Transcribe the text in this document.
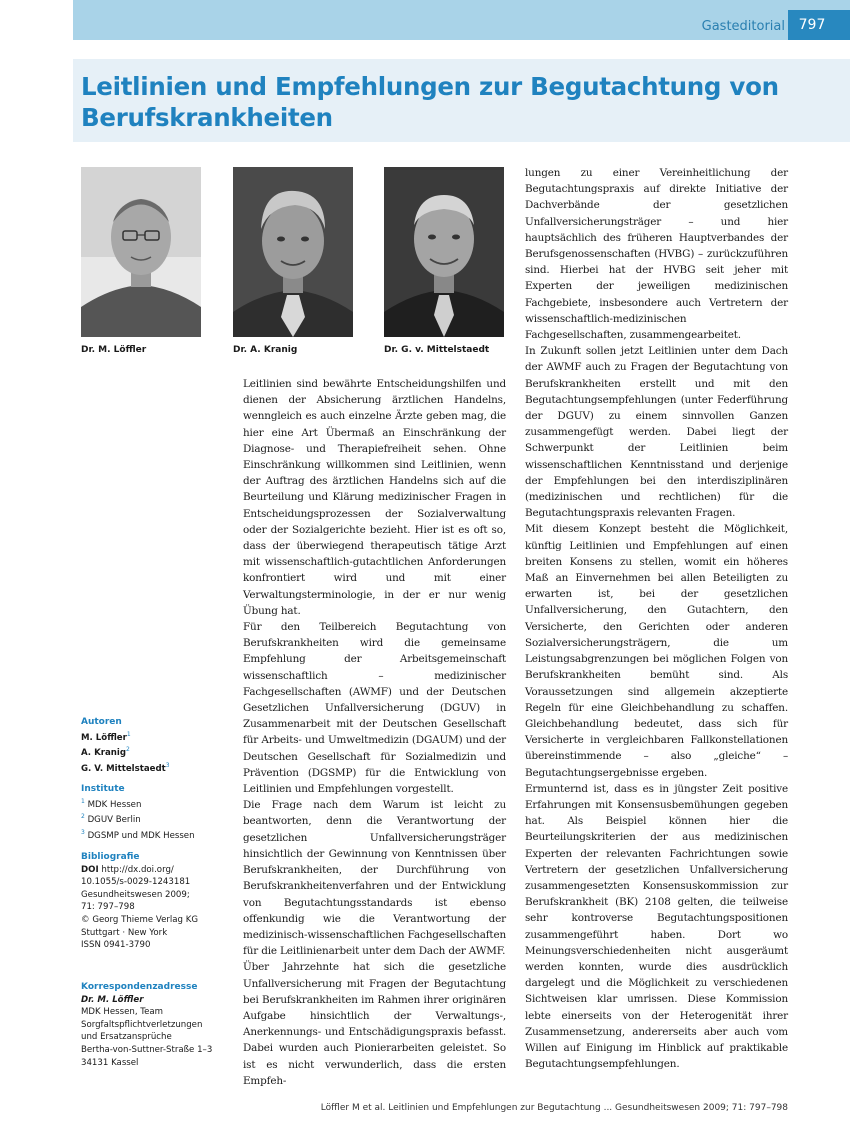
Gasteditorial 797
Leitlinien und Empfehlungen zur Begutachtung von Berufskrankheiten
Dr. M. Löffler	Dr. A. Kranig	Dr. G. v. Mittelstaedt
Autoren
M. Löffler$^1$
A. Kranig$^2$
G. V. Mittelstaedt$^3$
Institute
$^1$ MDK Hessen
$^2$ DGUV Berlin
$^3$ DGSMP und MDK Hessen
Bibliografie
DOI http://dx.doi.org/
10.1055/s-0029-1243181
Gesundheitswesen 2009;
71: 797–798
© Georg Thieme Verlag KG
Stuttgart · New York
ISSN 0941-3790
Korrespondenzadresse
Dr. M. Löffler
MDK Hessen, Team
Sorgfaltspflichtverletzungen
und Ersatzansprüche
Bertha-von-Suttner-Straße 1–3
34131 Kassel

Leitlinien sind bewährte Entscheidungshilfen und dienen der Absicherung ärztlichen Handelns, wenngleich es auch einzelne Ärzte geben mag, die hier eine Art Übermaß an Einschränkung der Diagnose- und Therapiefreiheit sehen. Ohne Einschränkung willkommen sind Leitlinien, wenn der Auftrag des ärztlichen Handelns sich auf die Beurteilung und Klärung medizinischer Fragen in Entscheidungsprozessen der Sozialverwaltung oder der Sozialgerichte bezieht. Hier ist es oft so, dass der überwiegend therapeutisch tätige Arzt mit wissenschaftlich-gutachtlichen Anforderungen konfrontiert wird und mit einer Verwaltungsterminologie, in der er nur wenig Übung hat.

Für den Teilbereich Begutachtung von Berufskrankheiten wird die gemeinsame Empfehlung der Arbeitsgemeinschaft wissenschaftlich – medizinischer Fachgesellschaften (AWMF) und der Deutschen Gesetzlichen Unfallversicherung (DGUV) in Zusammenarbeit mit der Deutschen Gesellschaft für Arbeits- und Umweltmedizin (DGAUM) und der Deutschen Gesellschaft für Sozialmedizin und Prävention (DGSMP) für die Entwicklung von Leitlinien und Empfehlungen vorgestellt.

Die Frage nach dem Warum ist leicht zu beantworten, denn die Verantwortung der gesetzlichen Unfallversicherungsträger hinsichtlich der Gewinnung von Kenntnissen über Berufskrankheiten, der Durchführung von Berufskrankheitenverfahren und der Entwicklung von Begutachtungsstandards ist ebenso offenkundig wie die Verantwortung der medizinisch-wissenschaftlichen Fachgesellschaften für die Leitlinienarbeit unter dem Dach der AWMF.

Über Jahrzehnte hat sich die gesetzliche Unfallversicherung mit Fragen der Begutachtung bei Berufskrankheiten im Rahmen ihrer originären Aufgabe hinsichtlich der Verwaltungs-, Anerkennungs- und Entschädigungspraxis befasst. Dabei wurden auch Pionierarbeiten geleistet. So ist es nicht verwunderlich, dass die ersten Empfeh-

lungen zu einer Vereinheitlichung der Begutachtungspraxis auf direkte Initiative der Dachverbände der gesetzlichen Unfallversicherungsträger – und hier hauptsächlich des früheren Hauptverbandes der Berufsgenossenschaften (HVBG) – zurückzuführen sind. Hierbei hat der HVBG seit jeher mit Experten der jeweiligen medizinischen Fachgebiete, insbesondere auch Vertretern der wissenschaftlich-medizinischen Fachgesellschaften, zusammengearbeitet.

In Zukunft sollen jetzt Leitlinien unter dem Dach der AWMF auch zu Fragen der Begutachtung von Berufskrankheiten erstellt und mit den Begutachtungsempfehlungen (unter Federführung der DGUV) zu einem sinnvollen Ganzen zusammengefügt werden. Dabei liegt der Schwerpunkt der Leitlinien beim wissenschaftlichen Kenntnisstand und derjenige der Empfehlungen bei den interdisziplinären (medizinischen und rechtlichen) für die Begutachtungspraxis relevanten Fragen.

Mit diesem Konzept besteht die Möglichkeit, künftig Leitlinien und Empfehlungen auf einen breiten Konsens zu stellen, womit ein höheres Maß an Einvernehmen bei allen Beteiligten zu erwarten ist, bei der gesetzlichen Unfallversicherung, den Gutachtern, den Versicherte, den Gerichten oder anderen Sozialversicherungsträgern, die um Leistungsabgrenzungen bei möglichen Folgen von Berufskrankheiten bemüht sind. Als Voraussetzungen sind allgemein akzeptierte Regeln für eine Gleichbehandlung zu schaffen. Gleichbehandlung bedeutet, dass sich für Versicherte in vergleichbaren Fallkonstellationen übereinstimmende – also „gleiche“ – Begutachtungsergebnisse ergeben.

Ermunternd ist, dass es in jüngster Zeit positive Erfahrungen mit Konsensusbemühungen gegeben hat. Als Beispiel können hier die Beurteilungskriterien der aus medizinischen Experten der relevanten Fachrichtungen sowie Vertretern der gesetzlichen Unfallversicherung zusammengesetzten Konsensuskommission zur Berufskrankheit (BK) 2108 gelten, die teilweise sehr kontroverse Begutachtungspositionen zusammengeführt haben. Dort wo Meinungsverschiedenheiten nicht ausgeräumt werden konnten, wurde dies ausdrücklich dargelegt und die Möglichkeit zu verschiedenen Sichtweisen klar umrissen. Diese Kommission lebte einerseits von der Heterogenität ihrer Zusammensetzung, andererseits aber auch vom Willen auf Einigung im Hinblick auf praktikable Begutachtungsempfehlungen.

Löffler M et al. Leitlinien und Empfehlungen zur Begutachtung ... Gesundheitswesen 2009; 71: 797–798
